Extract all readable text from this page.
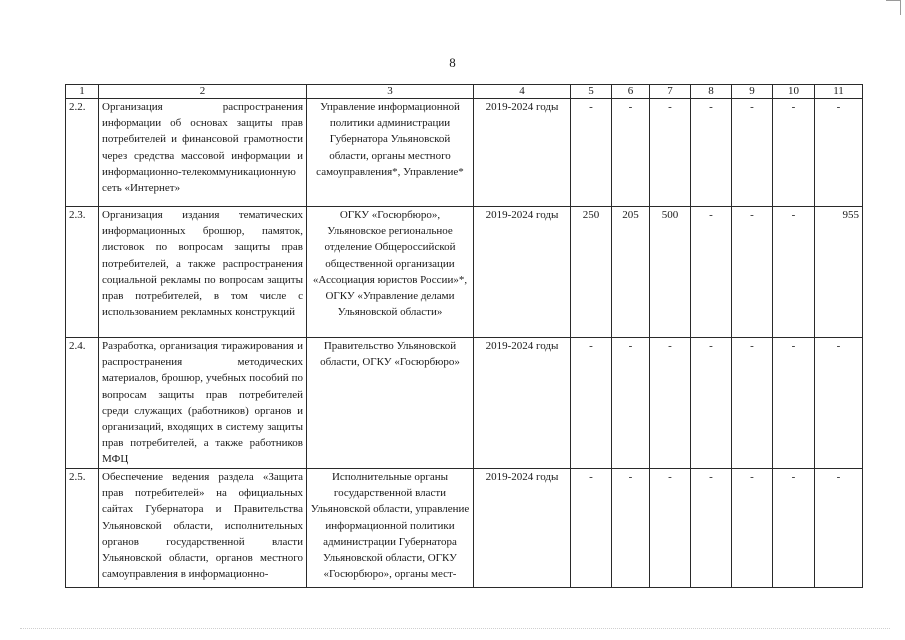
8
1	2	3	4	5	6	7	8	9	10	11
2.2.	Организация распространения информации об основах защиты прав потребителей и финансовой грамотности через средства массовой информации и информационно-телекоммуникационную сеть «Интернет»	Управление информационной политики администрации Губернатора Ульяновской области, органы местного самоуправления*, Управление*	2019-2024 годы	-	-	-	-	-	-	-
2.3.	Организация издания тематических информационных брошюр, памяток, листовок по вопросам защиты прав потребителей, а также распространения социальной рекламы по вопросам защиты прав потребителей, в том числе с использованием рекламных конструкций	ОГКУ «Госюрбюро», Ульяновское региональное отделение Общероссийской общественной организации «Ассоциация юристов России»*, ОГКУ «Управление делами Ульяновской области»	2019-2024 годы	250	205	500	-	-	-	955
2.4.	Разработка, организация тиражирования и распространения методических материалов, брошюр, учебных пособий по вопросам защиты прав потребителей среди служащих (работников) органов и организаций, входящих в систему защиты прав потребителей, а также работников МФЦ	Правительство Ульяновской области, ОГКУ «Госюрбюро»	2019-2024 годы	-	-	-	-	-	-	-
2.5.	Обеспечение ведения раздела «Защита прав потребителей» на официальных сайтах Губернатора и Правительства Ульяновской области, исполнительных органов государственной власти Ульяновской области, органов местного самоуправления в информационно-	Исполнительные органы государственной власти Ульяновской области, управление информационной политики администрации Губернатора Ульяновской области, ОГКУ «Госюрбюро», органы мест-	2019-2024 годы	-	-	-	-	-	-	-
